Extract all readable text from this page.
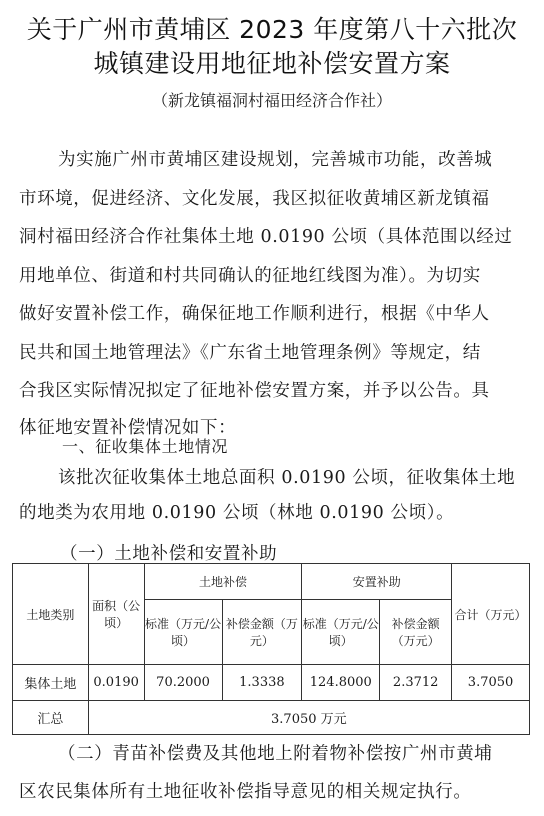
关于广州市黄埔区 2023 年度第八十六批次
城镇建设用地征地补偿安置方案
（新龙镇福洞村福田经济合作社）
为实施广州市黄埔区建设规划，完善城市功能，改善城
市环境，促进经济、文化发展，我区拟征收黄埔区新龙镇福
洞村福田经济合作社集体土地 0.0190 公顷（具体范围以经过
用地单位、街道和村共同确认的征地红线图为准）。为切实
做好安置补偿工作，确保征地工作顺利进行，根据《中华人
民共和国土地管理法》《广东省土地管理条例》等规定，结
合我区实际情况拟定了征地补偿安置方案，并予以公告。具
体征地安置补偿情况如下：
一、征收集体土地情况
该批次征收集体土地总面积 0.0190 公顷，征收集体土地
的地类为农用地 0.0190 公顷（林地 0.0190 公顷）。
（一）土地补偿和安置补助
土地类别	面积（公顷）	土地补偿		安置补助		合计（万元）
		标准（万元/公顷）	补偿金额（万元）	标准（万元/公顷）	补偿金额（万元）	

集体土地	0.0190	70.2000	1.3338	124.8000	2.3712	3.7050
汇总	3.7050 万元					
（二）青苗补偿费及其他地上附着物补偿按广州市黄埔
区农民集体所有土地征收补偿指导意见的相关规定执行。
